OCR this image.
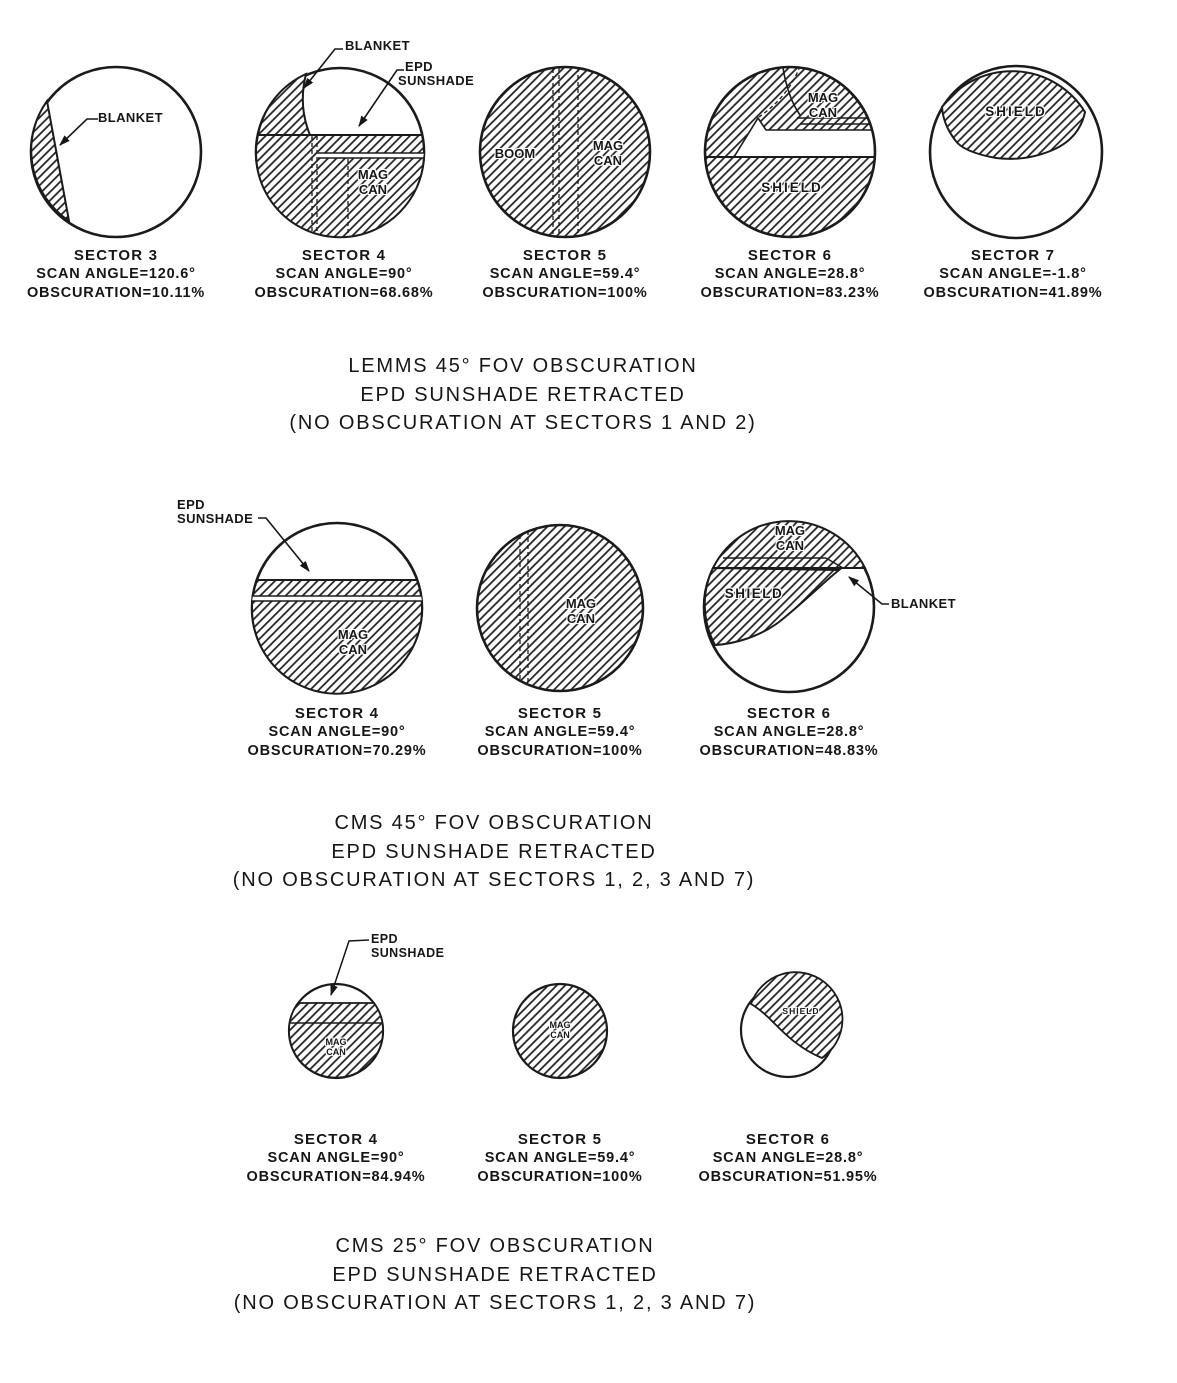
BLANKET
BLANKET
EPD
SUNSHADE
MAG
CAN
BOOM
MAG
CAN
MAG
CAN
SHIELD
SHIELD
SECTOR 3
SCAN ANGLE=120.6°
OBSCURATION=10.11%
SECTOR 4
SCAN ANGLE=90°
OBSCURATION=68.68%
SECTOR 5
SCAN ANGLE=59.4°
OBSCURATION=100%
SECTOR 6
SCAN ANGLE=28.8°
OBSCURATION=83.23%
SECTOR 7
SCAN ANGLE=-1.8°
OBSCURATION=41.89%
LEMMS 45° FOV OBSCURATION
EPD SUNSHADE RETRACTED
(NO OBSCURATION AT SECTORS 1 AND 2)
EPD
SUNSHADE
MAG
CAN
MAG
CAN
MAG
CAN
SHIELD
BLANKET
SECTOR 4
SCAN ANGLE=90°
OBSCURATION=70.29%
SECTOR 5
SCAN ANGLE=59.4°
OBSCURATION=100%
SECTOR 6
SCAN ANGLE=28.8°
OBSCURATION=48.83%
CMS 45° FOV OBSCURATION
EPD SUNSHADE RETRACTED
(NO OBSCURATION AT SECTORS 1, 2, 3 AND 7)
EPD
SUNSHADE
MAG
CAN
MAG
CAN
SHIELD
SECTOR 4
SCAN ANGLE=90°
OBSCURATION=84.94%
SECTOR 5
SCAN ANGLE=59.4°
OBSCURATION=100%
SECTOR 6
SCAN ANGLE=28.8°
OBSCURATION=51.95%
CMS 25° FOV OBSCURATION
EPD SUNSHADE RETRACTED
(NO OBSCURATION AT SECTORS 1, 2, 3 AND 7)
